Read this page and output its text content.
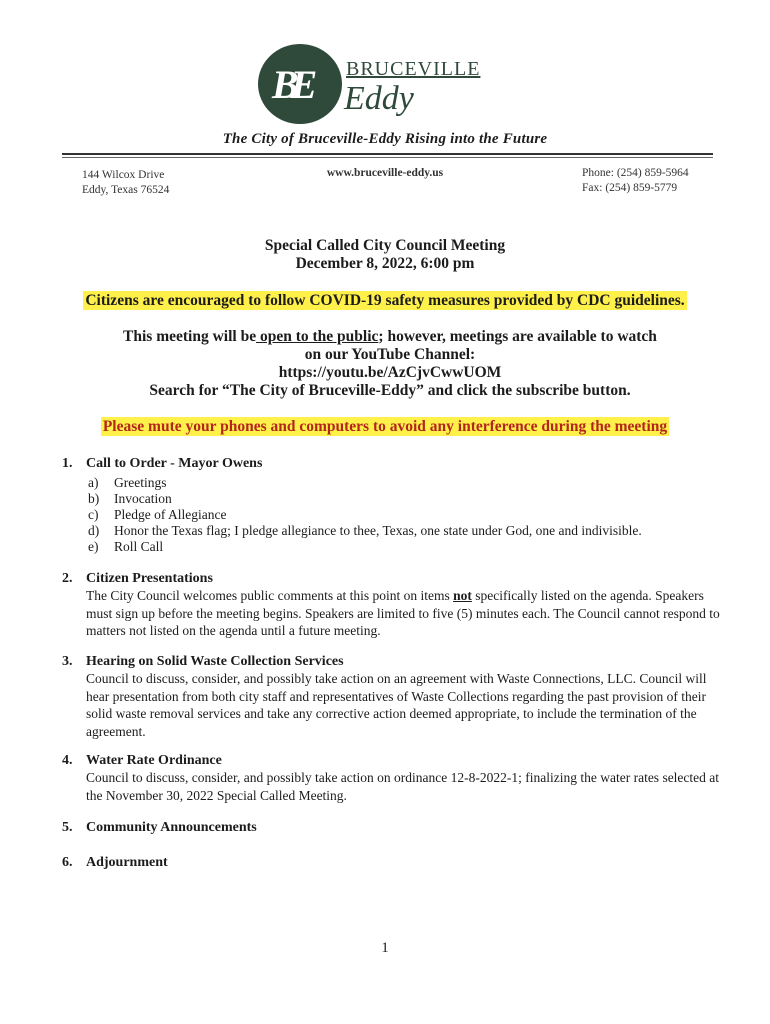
BE BRUCEVILLE
Eddy
The City of Bruceville-Eddy Rising into the Future
144 Wilcox Drive
Eddy, Texas 76524
www.bruceville-eddy.us	Phone: (254) 859-5964
Fax: (254) 859-5779
Special Called City Council Meeting
December 8, 2022, 6:00 pm
Citizens are encouraged to follow COVID-19 safety measures provided by CDC guidelines.
This meeting will be open to the public; however, meetings are available to watch
on our YouTube Channel:
https://youtu.be/AzCjvCwwUOM
Search for “The City of Bruceville-Eddy” and click the subscribe button.
Please mute your phones and computers to avoid any interference during the meeting
1. Call to Order - Mayor Owens
a)	Greetings
b)	Invocation
c)	Pledge of Allegiance
d)	Honor the Texas flag; I pledge allegiance to thee, Texas, one state under God, one and indivisible.
e)	Roll Call
2. Citizen Presentations
The City Council welcomes public comments at this point on items not specifically listed on the agenda. Speakers must sign up before the meeting begins. Speakers are limited to five (5) minutes each. The Council cannot respond to matters not listed on the agenda until a future meeting.
3. Hearing on Solid Waste Collection Services
Council to discuss, consider, and possibly take action on an agreement with Waste Connections, LLC. Council will hear presentation from both city staff and representatives of Waste Collections regarding the past provision of their solid waste removal services and take any corrective action deemed appropriate, to include the termination of the agreement.
4. Water Rate Ordinance
Council to discuss, consider, and possibly take action on ordinance 12-8-2022-1; finalizing the water rates selected at the November 30, 2022 Special Called Meeting.
5. Community Announcements
6. Adjournment
1
